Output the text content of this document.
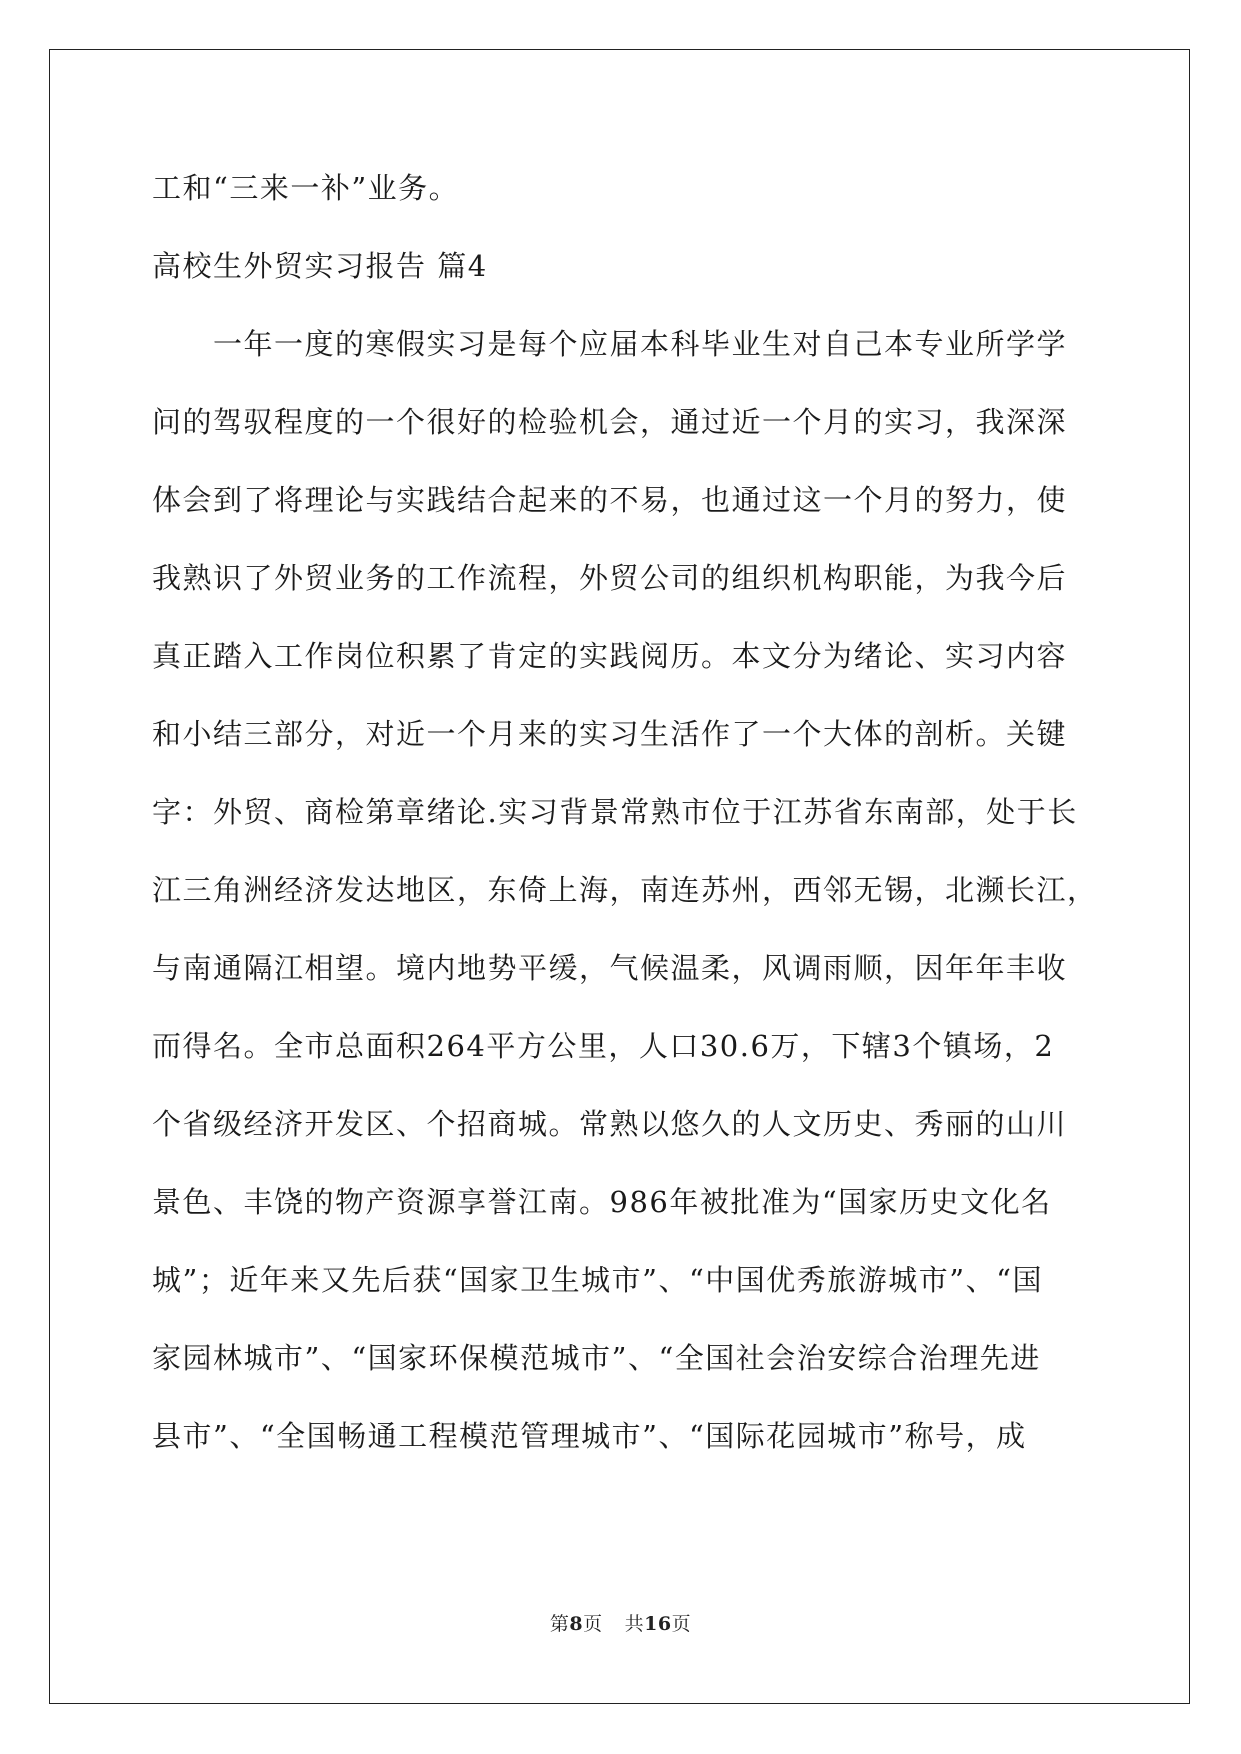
工和“三来一补”业务。
高校生外贸实习报告 篇4
　　一年一度的寒假实习是每个应届本科毕业生对自己本专业所学学
问的驾驭程度的一个很好的检验机会，通过近一个月的实习，我深深
体会到了将理论与实践结合起来的不易，也通过这一个月的努力，使
我熟识了外贸业务的工作流程，外贸公司的组织机构职能，为我今后
真正踏入工作岗位积累了肯定的实践阅历。本文分为绪论、实习内容
和小结三部分，对近一个月来的实习生活作了一个大体的剖析。关键
字：外贸、商检第章绪论.实习背景常熟市位于江苏省东南部，处于长
江三角洲经济发达地区，东倚上海，南连苏州，西邻无锡，北濒长江，
与南通隔江相望。境内地势平缓，气候温柔，风调雨顺，因年年丰收
而得名。全市总面积264平方公里，人口30.6万，下辖3个镇场，2
个省级经济开发区、个招商城。常熟以悠久的人文历史、秀丽的山川
景色、丰饶的物产资源享誉江南。986年被批准为“国家历史文化名
城”；近年来又先后获“国家卫生城市”、“中国优秀旅游城市”、“国
家园林城市”、“国家环保模范城市”、“全国社会治安综合治理先进
县市”、“全国畅通工程模范管理城市”、“国际花园城市”称号，成
第8页 共16页
